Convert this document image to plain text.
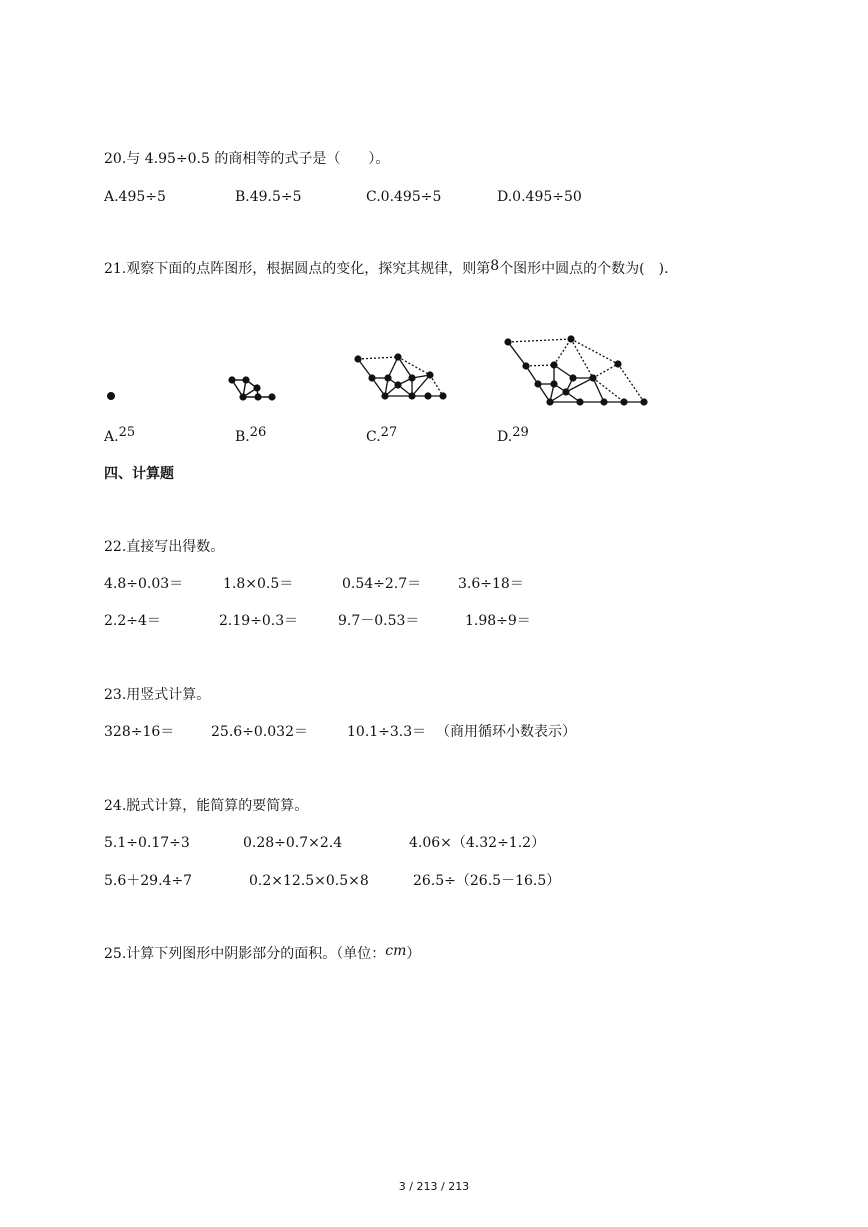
20.与 4.95÷0.5 的商相等的式子是（　　）。
A.495÷5	B.49.5÷5	C.0.495÷5	D.0.495÷50
21.观察下面的点阵图形，根据圆点的变化，探究其规律，则第8个图形中圆点的个数为(　).
A.25	B.26	C.27	D.29
四、计算题
22.直接写出得数。
4.8÷0.03＝	1.8×0.5＝	0.54÷2.7＝	3.6÷18＝
2.2÷4＝	2.19÷0.3＝	9.7－0.53＝	1.98÷9＝
23.用竖式计算。
328÷16＝	25.6÷0.032＝	10.1÷3.3＝ （商用循环小数表示）
24.脱式计算，能简算的要简算。
5.1÷0.17÷3	0.28÷0.7×2.4	4.06×（4.32÷1.2）
5.6＋29.4÷7	0.2×12.5×0.5×8	26.5÷（26.5－16.5）
25.计算下列图形中阴影部分的面积。（单位：cm）
3 / 213 / 213
